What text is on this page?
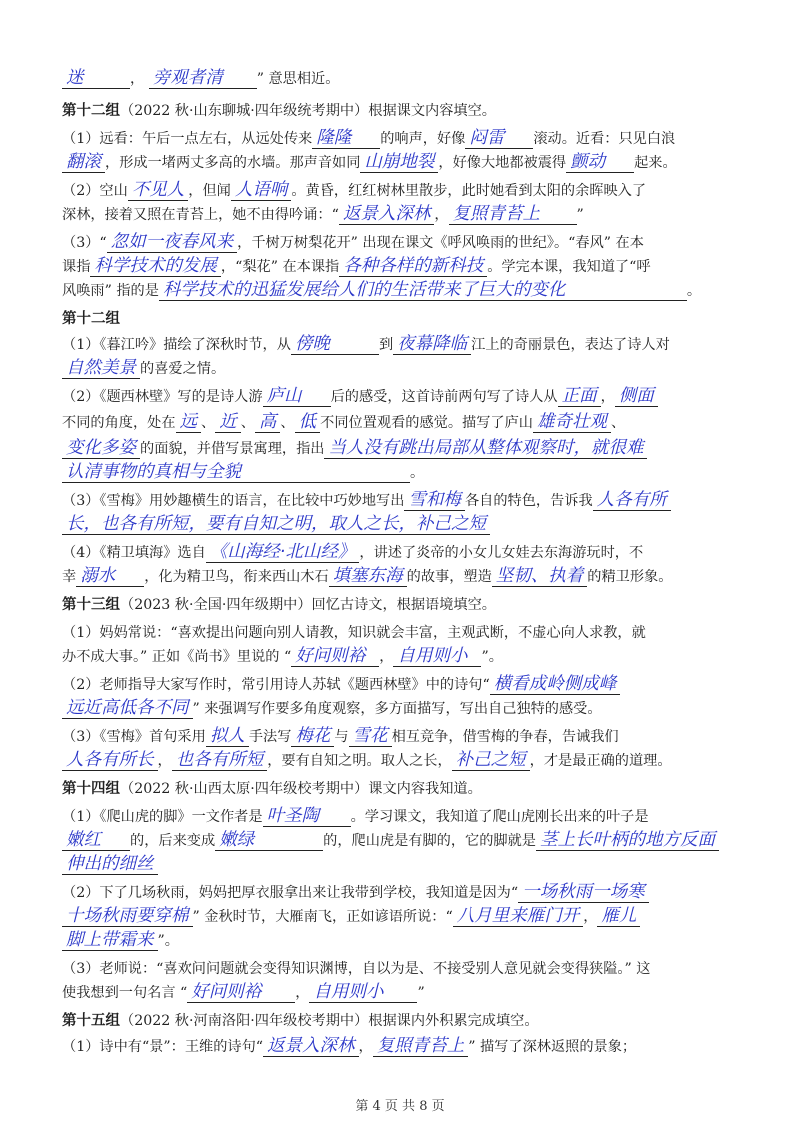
迷	， 旁观者清 ” 意思相近。
第十二组（2022 秋·山东聊城·四年级统考期中）根据课文内容填空。
（1）远看：午后一点左右，从远处传来 隆隆 的响声，好像 闷雷 滚动。近看：只见白浪
翻滚 ，形成一堵两丈多高的水墙。那声音如同 山崩地裂 ，好像大地都被震得 颤动 起来。
（2）空山 不见人 ，但闻 人语响 。黄昏，红红树林里散步，此时她看到太阳的余晖映入了
深林，接着又照在青苔上，她不由得吟诵：“ 返景入深林 ， 复照青苔上	”
（3）“ 忽如一夜春风来 ，千树万树梨花开” 出现在课文《呼风唤雨的世纪》。“春风” 在本
课指 科学技术的发展 ，“梨花” 在本课指 各种各样的新科技 。学完本课，我知道了“呼
风唤雨” 指的是 科学技术的迅猛发展给人们的生活带来了巨大的变化	。
第十二组
（1）《暮江吟》描绘了深秋时节，从 傍晚	到 夜幕降临 江上的奇丽景色，表达了诗人对
自然美景 的喜爱之情。
（2）《题西林壁》写的是诗人游 庐山 后的感受，这首诗前两句写了诗人从 正面 ， 侧面
不同的角度，处在 远 、 近 、 高 、 低 不同位置观看的感觉。描写了庐山 雄奇壮观 、
变化多姿 的面貌，并借写景寓理，指出 当人没有跳出局部从整体观察时，就很难
认清事物的真相与全貌	。
（3）《雪梅》用妙趣横生的语言，在比较中巧妙地写出 雪和梅 各自的特色，告诉我 人各有所
长，也各有所短，要有自知之明，取人之长，补己之短
（4）《精卫填海》选自 《山海经·北山经》 ，讲述了炎帝的小女儿女娃去东海游玩时，不
幸 溺水 ，化为精卫鸟，衔来西山木石 填塞东海 的故事，塑造 坚韧、执着 的精卫形象。
第十三组（2023 秋·全国·四年级期中）回忆古诗文，根据语境填空。
（1）妈妈常说：“喜欢提出问题向别人请教，知识就会丰富，主观武断，不虚心向人求教，就
办不成大事。” 正如《尚书》里说的 “ 好问则裕 ， 自用则小 ”。
（2）老师指导大家写作时，常引用诗人苏轼《题西林壁》中的诗句“ 横看成岭侧成峰
远近高低各不同 ” 来强调写作要多角度观察，多方面描写，写出自己独特的感受。
（3）《雪梅》首句采用 拟人 手法写 梅花 与 雪花 相互竞争，借雪梅的争春，告诫我们
人各有所长 ， 也各有所短 ，要有自知之明。取人之长， 补己之短 ，才是最正确的道理。
第十四组（2022 秋·山西太原·四年级校考期中）课文内容我知道。
（1）《爬山虎的脚》一文作者是 叶圣陶 。学习课文，我知道了爬山虎刚长出来的叶子是
嫩红 的，后来变成 嫩绿	的，爬山虎是有脚的，它的脚就是 茎上长叶柄的地方反面
伸出的细丝
（2）下了几场秋雨，妈妈把厚衣服拿出来让我带到学校，我知道是因为“ 一场秋雨一场寒
十场秋雨要穿棉 ” 金秋时节，大雁南飞，正如谚语所说：“ 八月里来雁门开 ， 雁儿
脚上带霜来 ”。
（3）老师说：“喜欢问问题就会变得知识渊博，自以为是、不接受别人意见就会变得狭隘。” 这
使我想到一句名言 “ 好问则裕 ， 自用则小 ”
第十五组（2022 秋·河南洛阳·四年级校考期中）根据课内外积累完成填空。
（1）诗中有“景”：王维的诗句“ 返景入深林 ， 复照青苔上 ” 描写了深林返照的景象；
第 4 页 共 8 页
